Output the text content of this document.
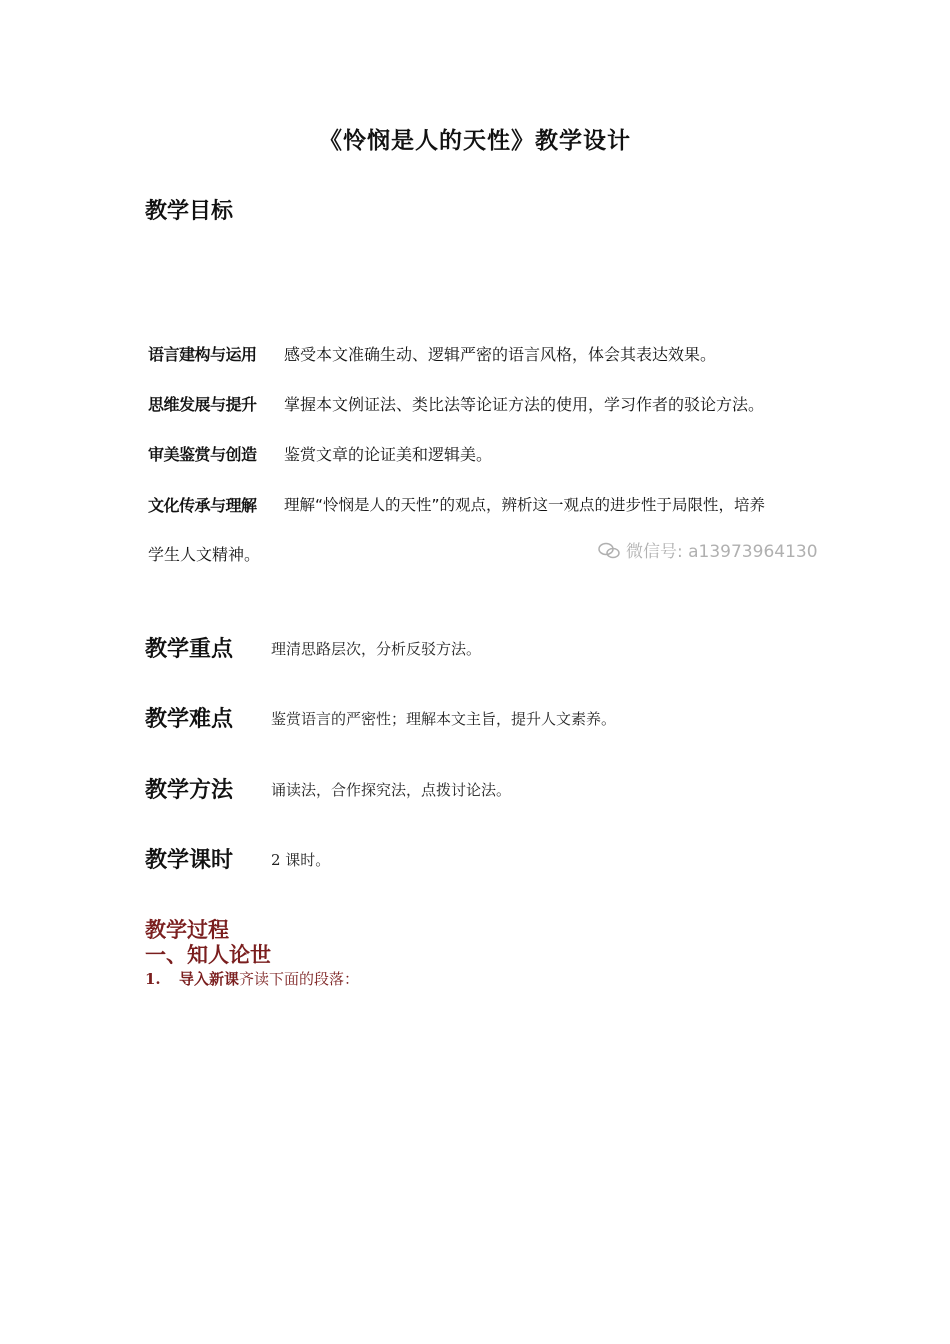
《怜悯是人的天性》教学设计
教学目标
语言建构与运用 感受本文准确生动、逻辑严密的语言风格，体会其表达效果。
思维发展与提升 掌握本文例证法、类比法等论证方法的使用，学习作者的驳论方法。
审美鉴赏与创造 鉴赏文章的论证美和逻辑美。
文化传承与理解 理解“怜悯是人的天性”的观点，辨析这一观点的进步性于局限性，培养
学生人文精神。	微信号: a13973964130
教学重点	理清思路层次，分析反驳方法。
教学难点	鉴赏语言的严密性；理解本文主旨，提升人文素养。
教学方法	诵读法，合作探究法，点拨讨论法。
教学课时	2 课时。
教学过程
一、知人论世
1. 导入新课齐读下面的段落：
